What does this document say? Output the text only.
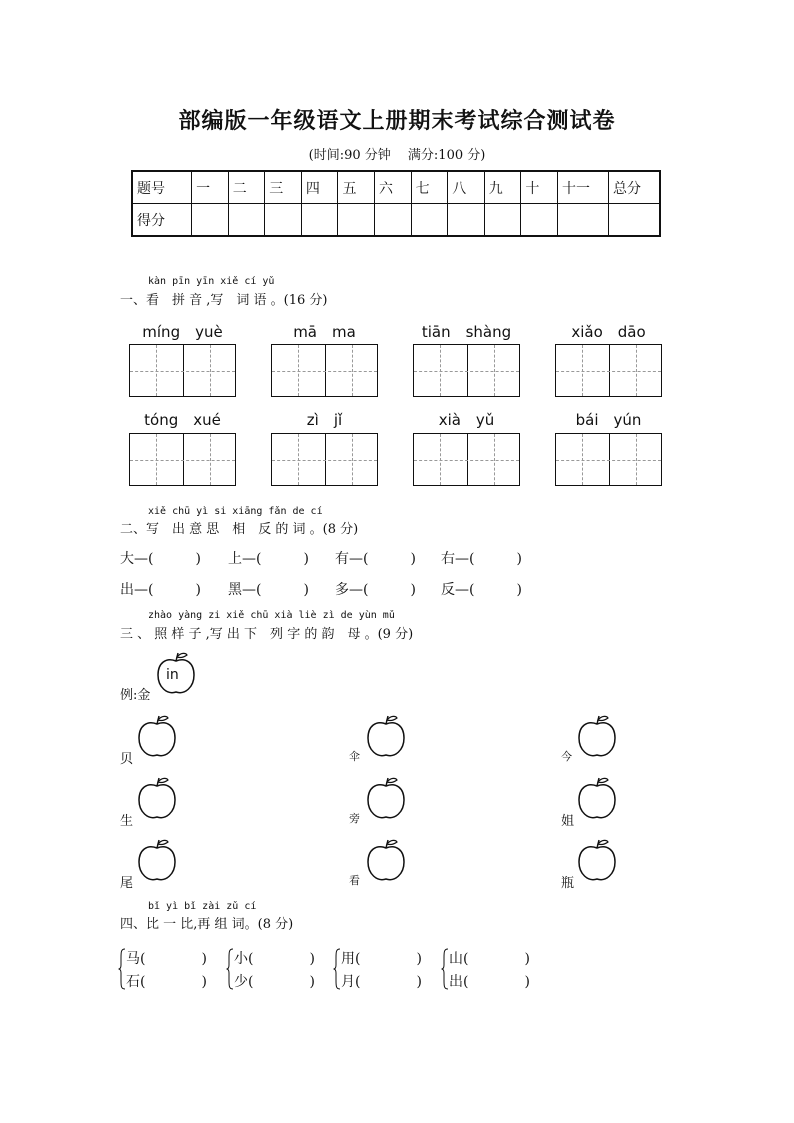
部编版一年级语文上册期末考试综合测试卷
(时间:90 分钟　 满分:100 分)
题号	一	二	三	四	五	六	七	八	九	十	十一	总分
得分												
kàn pīn yīn xiě cí yǔ
一、看　拼 音 ,写　词 语 。(16 分)
míng　yuè	mā　ma	tiān　shàng	xiǎo　dāo
tóng　xué	zì　jǐ	xià　yǔ	bái　yún
xiě chū yì si xiāng fǎn de cí
二、写　出 意 思　相　反 的 词 。(8 分)
大—(　　　) 上—(　　　) 有—(　　　) 右—(　　　)
出—(　　　) 黑—(　　　) 多—(　　　) 反—(　　　)
zhào yàng zi xiě chū xià liè zì de yùn mǔ
三 、 照 样 子 ,写 出 下　列 字 的 韵　母 。(9 分)
例:金
in
贝	伞	今
生	旁	姐
尾	看	瓶
bǐ yì bǐ zài zǔ cí
四、比 一 比,再 组 词。(8 分)
马(　　　　)
石(　　　　)
小(　　　　)
少(　　　　)
用(　　　　)
月(　　　　)
山(　　　　)
出(　　　　)
